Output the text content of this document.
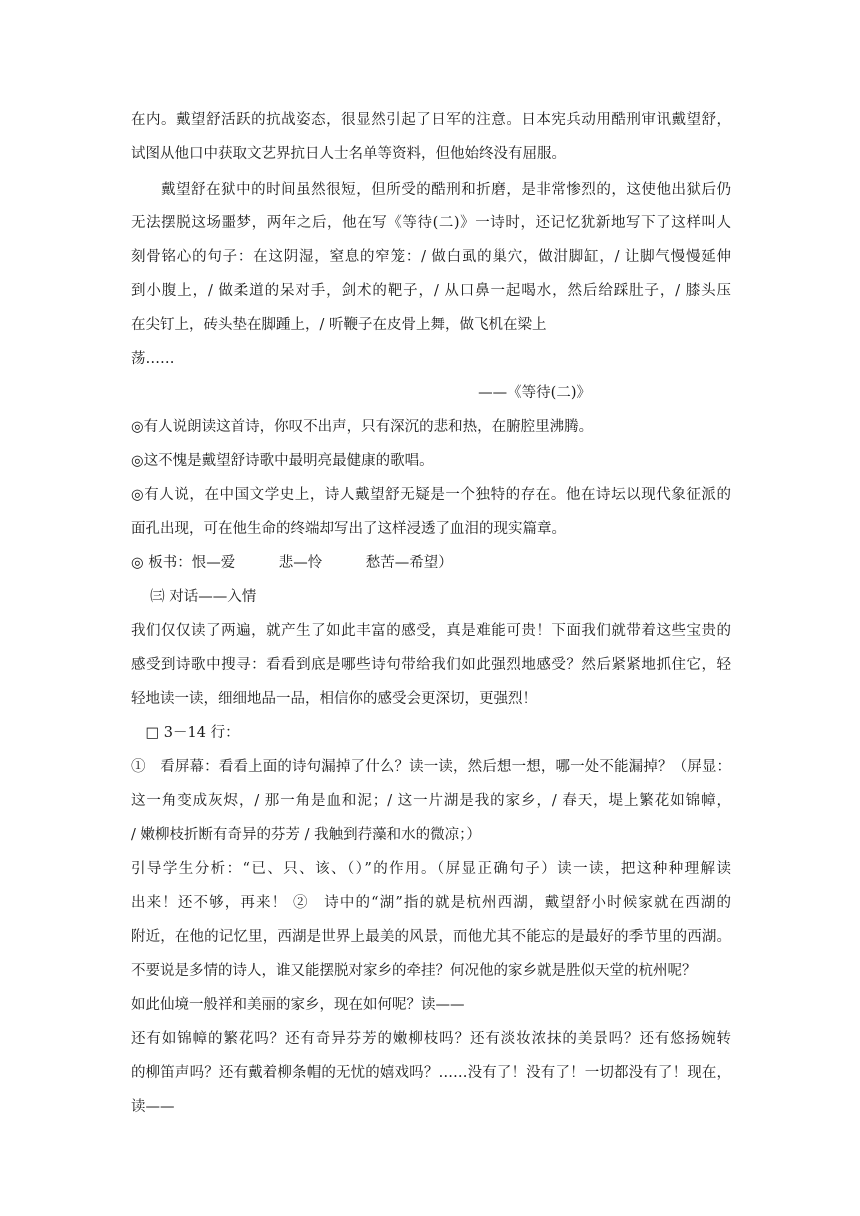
在内。戴望舒活跃的抗战姿态，很显然引起了日军的注意。日本宪兵动用酷刑审讯戴望舒，
试图从他口中获取文艺界抗日人士名单等资料，但他始终没有屈服。
　　戴望舒在狱中的时间虽然很短，但所受的酷刑和折磨，是非常惨烈的，这使他出狱后仍
无法摆脱这场噩梦，两年之后，他在写《等待(二)》一诗时，还记忆犹新地写下了这样叫人
刻骨铭心的句子：在这阴湿，窒息的窄笼：/ 做白虱的巢穴，做泔脚缸，/ 让脚气慢慢延伸
到小腹上，/ 做柔道的呆对手，剑术的靶子，/ 从口鼻一起喝水，然后给踩肚子，/ 膝头压
在尖钉上，砖头垫在脚踵上，/ 听鞭子在皮骨上舞，做飞机在梁上
荡……
——《等待(二)》
◎有人说朗读这首诗，你叹不出声，只有深沉的悲和热，在腑腔里沸腾。
◎这不愧是戴望舒诗歌中最明亮最健康的歌唱。
◎有人说，在中国文学史上，诗人戴望舒无疑是一个独特的存在。他在诗坛以现代象征派的
面孔出现，可在他生命的终端却写出了这样浸透了血泪的现实篇章。
◎ 板书：恨—爱　　　悲—怜　　　愁苦—希望）
　 ㈢ 对话——入情
我们仅仅读了两遍，就产生了如此丰富的感受，真是难能可贵！下面我们就带着这些宝贵的
感受到诗歌中搜寻：看看到底是哪些诗句带给我们如此强烈地感受？然后紧紧地抓住它，轻
轻地读一读，细细地品一品，相信你的感受会更深切，更强烈！
　□ 3－14 行：
①　看屏幕：看看上面的诗句漏掉了什么？读一读，然后想一想，哪一处不能漏掉？（屏显：
这一角变成灰烬，/ 那一角是血和泥；/ 这一片湖是我的家乡，/ 春天，堤上繁花如锦幛，
/ 嫩柳枝折断有奇异的芬芳 / 我触到荇藻和水的微凉；）
引导学生分析：“已、只、该、（）”的作用。（屏显正确句子）读一读，把这种种理解读
出来！还不够，再来！ ②　诗中的“湖”指的就是杭州西湖，戴望舒小时候家就在西湖的
附近，在他的记忆里，西湖是世界上最美的风景，而他尤其不能忘的是最好的季节里的西湖。
不要说是多情的诗人，谁又能摆脱对家乡的牵挂？何况他的家乡就是胜似天堂的杭州呢？
如此仙境一般祥和美丽的家乡，现在如何呢？读——
还有如锦幛的繁花吗？还有奇异芬芳的嫩柳枝吗？还有淡妆浓抹的美景吗？还有悠扬婉转
的柳笛声吗？还有戴着柳条帽的无忧的嬉戏吗？……没有了！没有了！一切都没有了！现在，
读——
